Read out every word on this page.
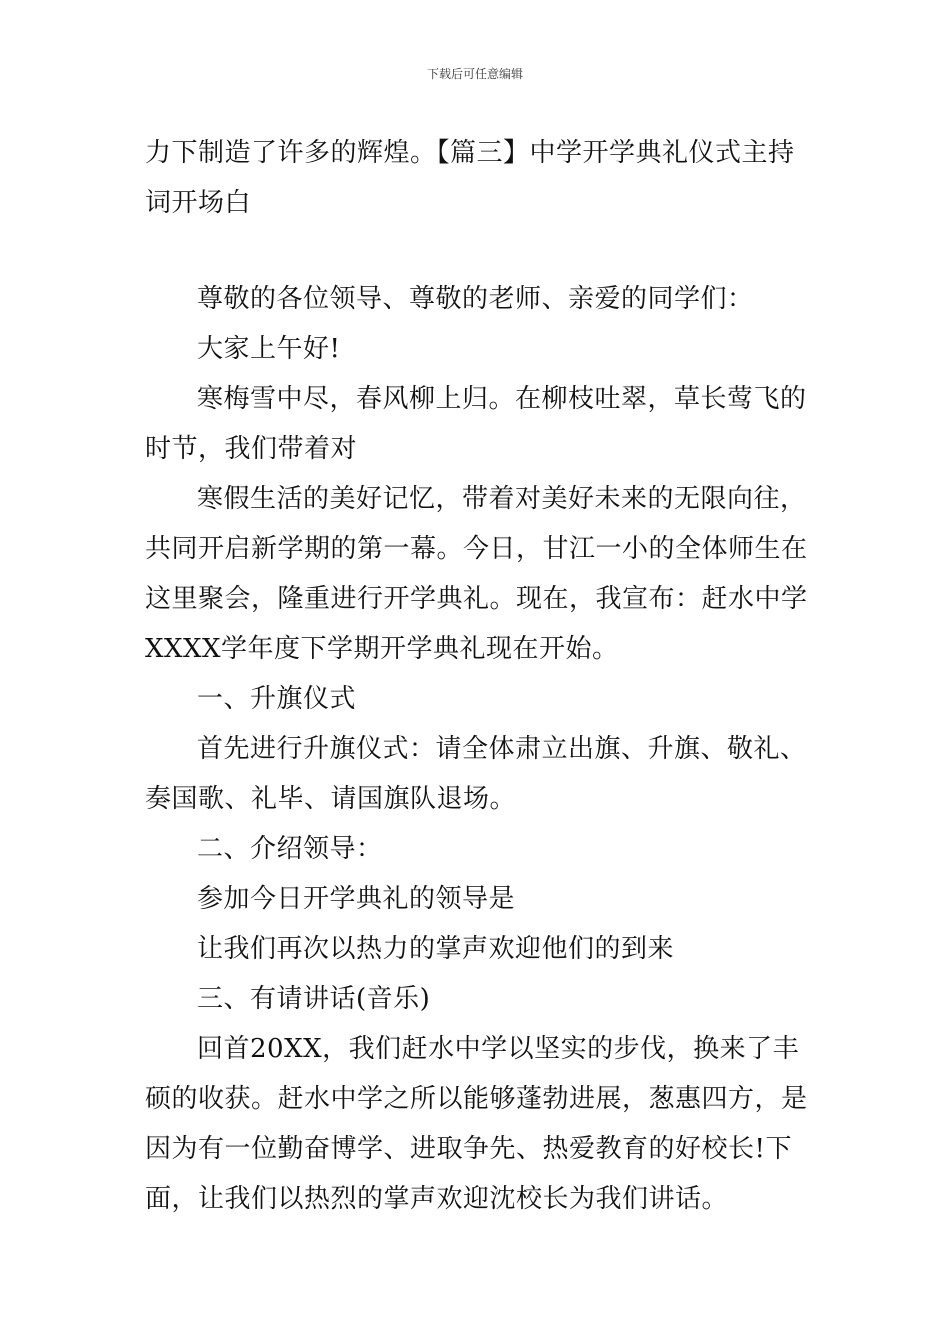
下载后可任意编辑

力下制造了许多的辉煌。【篇三】中学开学典礼仪式主持词开场白

尊敬的各位领导、尊敬的老师、亲爱的同学们：

大家上午好!

寒梅雪中尽，春风柳上归。在柳枝吐翠，草长莺飞的时节，我们带着对

寒假生活的美好记忆，带着对美好未来的无限向往，共同开启新学期的第一幕。今日，甘江一小的全体师生在这里聚会，隆重进行开学典礼。现在，我宣布：赶水中学XXXX学年度下学期开学典礼现在开始。

一、升旗仪式

首先进行升旗仪式：请全体肃立出旗、升旗、敬礼、奏国歌、礼毕、请国旗队退场。

二、介绍领导：

参加今日开学典礼的领导是

让我们再次以热力的掌声欢迎他们的到来

三、有请讲话(音乐)

回首20XX，我们赶水中学以坚实的步伐，换来了丰硕的收获。赶水中学之所以能够蓬勃进展，葱惠四方，是因为有一位勤奋博学、进取争先、热爱教育的好校长!下面，让我们以热烈的掌声欢迎沈校长为我们讲话。
